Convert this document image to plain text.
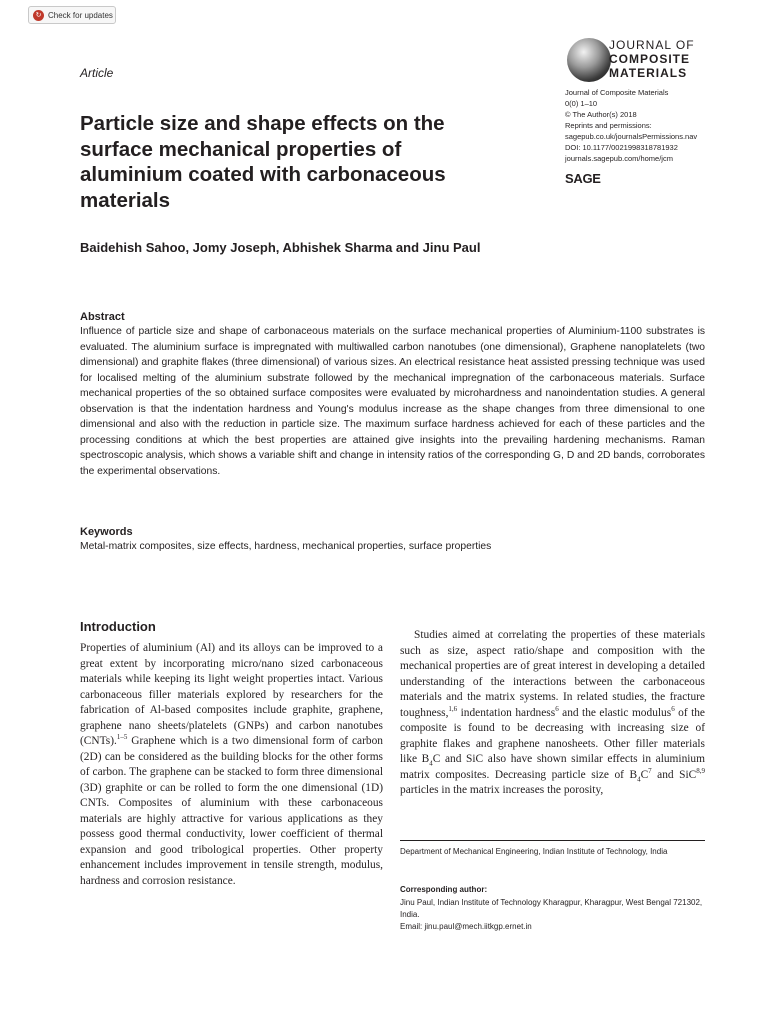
↻ Check for updates
Article
JOURNAL OF
COMPOSITE
MATERIALS
Journal of Composite Materials
0(0) 1–10
© The Author(s) 2018
Reprints and permissions:
sagepub.co.uk/journalsPermissions.nav
DOI: 10.1177/0021998318781932
journals.sagepub.com/home/jcm
SAGE
Particle size and shape effects on the surface mechanical properties of aluminium coated with carbonaceous materials
Baidehish Sahoo, Jomy Joseph, Abhishek Sharma and Jinu Paul
Abstract

Influence of particle size and shape of carbonaceous materials on the surface mechanical properties of Aluminium-1100 substrates is evaluated. The aluminium surface is impregnated with multiwalled carbon nanotubes (one dimensional), Graphene nanoplatelets (two dimensional) and graphite flakes (three dimensional) of various sizes. An electrical resistance heat assisted pressing technique was used for localised melting of the aluminium substrate followed by the mechanical impregnation of the carbonaceous materials. Surface mechanical properties of the so obtained surface composites were evaluated by microhardness and nanoindentation studies. A general observation is that the indentation hardness and Young's modulus increase as the shape changes from three dimensional to one dimensional and also with the reduction in particle size. The maximum surface hardness achieved for each of these particles and the processing conditions at which the best properties are attained give insights into the prevailing hardening mechanisms. Raman spectroscopic analysis, which shows a variable shift and change in intensity ratios of the corresponding G, D and 2D bands, corroborates the experimental observations.

Keywords
Metal-matrix composites, size effects, hardness, mechanical properties, surface properties
Introduction

Properties of aluminium (Al) and its alloys can be improved to a great extent by incorporating micro/nano sized carbonaceous materials while keeping its light weight properties intact. Various carbonaceous filler materials explored by researchers for the fabrication of Al-based composites include graphite, graphene, graphene nano sheets/platelets (GNPs) and carbon nanotubes (CNTs).$^{1-5}$ Graphene which is a two dimensional form of carbon (2D) can be considered as the building blocks for the other forms of carbon. The graphene can be stacked to form three dimensional (3D) graphite or can be rolled to form the one dimensional (1D) CNTs. Composites of aluminium with these carbonaceous materials are highly attractive for various applications as they possess good thermal conductivity, lower coefficient of thermal expansion and good tribological properties. Other property enhancement includes improvement in tensile strength, modulus, hardness and corrosion resistance.

Studies aimed at correlating the properties of these materials such as size, aspect ratio/shape and composition with the mechanical properties are of great interest in developing a detailed understanding of the interactions between the carbonaceous materials and the matrix systems. In related studies, the fracture toughness,$^{1,6}$ indentation hardness$^6$ and the elastic modulus$^6$ of the composite is found to be decreasing with increasing size of graphite flakes and graphene nanosheets. Other filler materials like $B_4C$ and SiC also have shown similar effects in aluminium matrix composites. Decreasing particle size of $B_4C^7$ and SiC$^{8,9}$ particles in the matrix increases the porosity,

Department of Mechanical Engineering, Indian Institute of Technology, India

Corresponding author:

Jinu Paul, Indian Institute of Technology Kharagpur, Kharagpur, West Bengal 721302, India.
Email: jinu.paul@mech.iitkgp.ernet.in
